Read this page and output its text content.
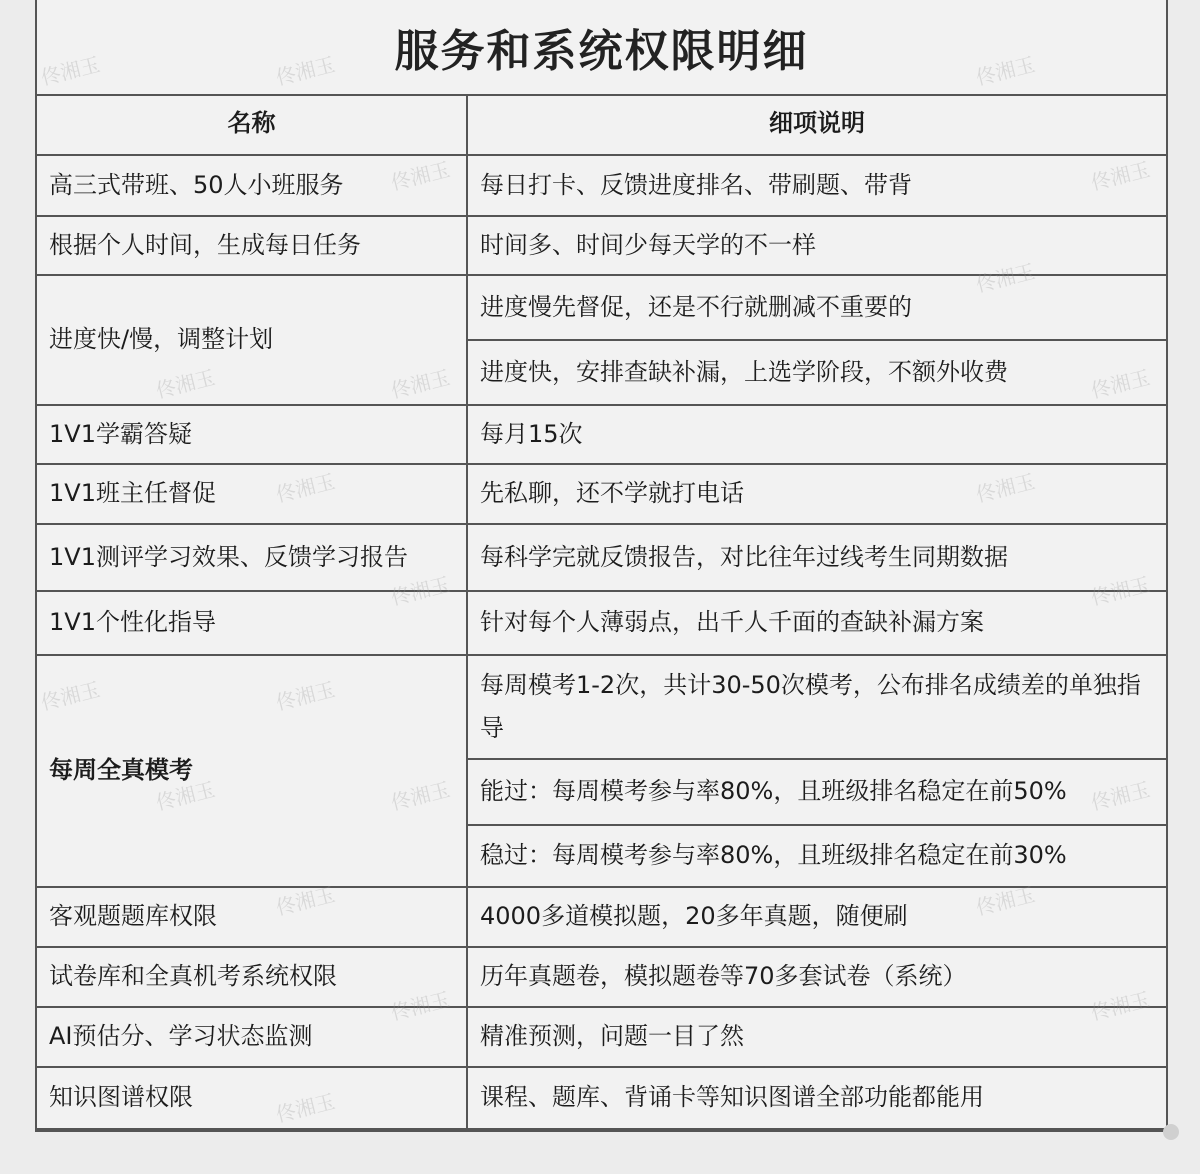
服务和系统权限明细
名称	细项说明
高三式带班、50人小班服务	每日打卡、反馈进度排名、带刷题、带背
根据个人时间，生成每日任务	时间多、时间少每天学的不一样
进度快/慢，调整计划	进度慢先督促，还是不行就删减不重要的
	进度快，安排查缺补漏，上选学阶段，不额外收费
1V1学霸答疑	每月15次
1V1班主任督促	先私聊，还不学就打电话
1V1测评学习效果、反馈学习报告	每科学完就反馈报告，对比往年过线考生同期数据
1V1个性化指导	针对每个人薄弱点，出千人千面的查缺补漏方案
每周全真模考	每周模考1-2次，共计30-50次模考，公布排名成绩差的单独指导
	能过：每周模考参与率80%，且班级排名稳定在前50%
	稳过：每周模考参与率80%，且班级排名稳定在前30%
客观题题库权限	4000多道模拟题，20多年真题，随便刷
试卷库和全真机考系统权限	历年真题卷，模拟题卷等70多套试卷（系统）
AI预估分、学习状态监测	精准预测，问题一目了然
知识图谱权限	课程、题库、背诵卡等知识图谱全部功能都能用
佟湘玉	佟湘玉	佟湘玉
佟湘玉	佟湘玉
佟湘玉
佟湘玉	佟湘玉	佟湘玉
佟湘玉	佟湘玉
佟湘玉	佟湘玉
佟湘玉	佟湘玉
佟湘玉	佟湘玉	佟湘玉
佟湘玉	佟湘玉
佟湘玉	佟湘玉
佟湘玉
